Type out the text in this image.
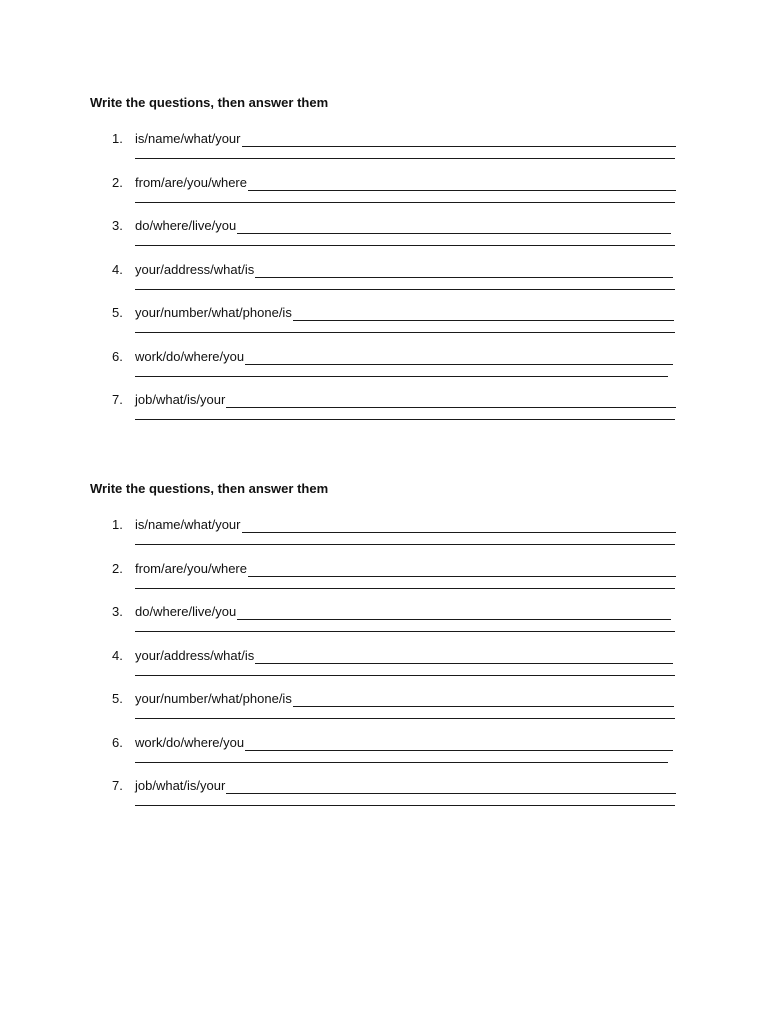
Write the questions, then answer them
1. is/name/what/your
2. from/are/you/where
3. do/where/live/you
4. your/address/what/is
5. your/number/what/phone/is
6. work/do/where/you
7. job/what/is/your
Write the questions, then answer them
1. is/name/what/your
2. from/are/you/where
3. do/where/live/you
4. your/address/what/is
5. your/number/what/phone/is
6. work/do/where/you
7. job/what/is/your
